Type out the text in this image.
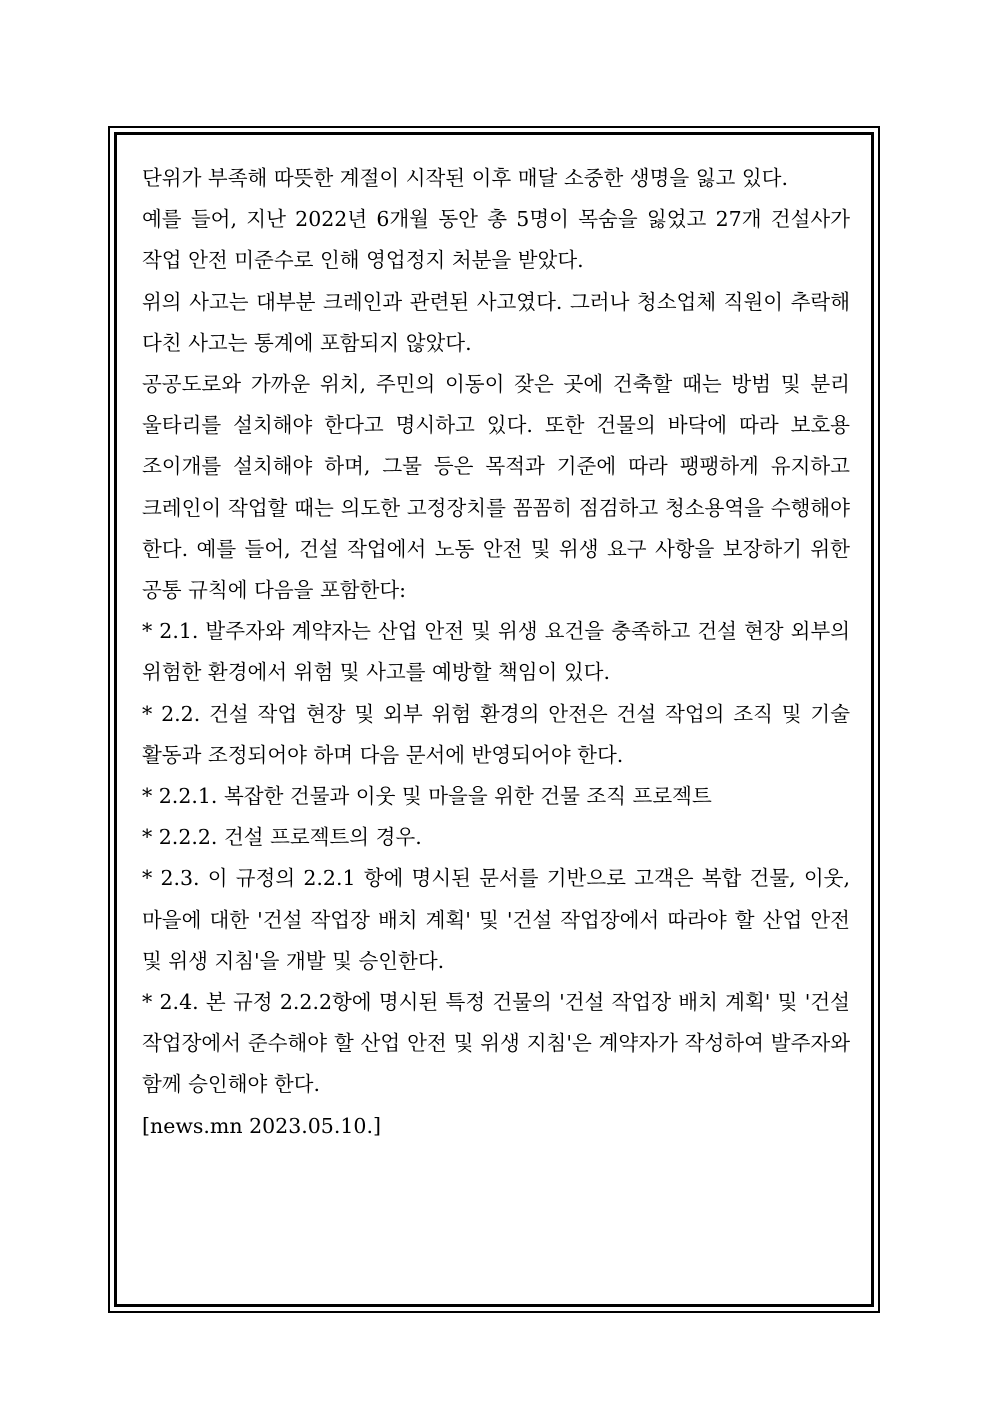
단위가 부족해 따뜻한 계절이 시작된 이후 매달 소중한 생명을 잃고 있다.

예를 들어, 지난 2022년 6개월 동안 총 5명이 목숨을 잃었고 27개 건설사가 작업 안전 미준수로 인해 영업정지 처분을 받았다.

위의 사고는 대부분 크레인과 관련된 사고였다. 그러나 청소업체 직원이 추락해 다친 사고는 통계에 포함되지 않았다.

공공도로와 가까운 위치, 주민의 이동이 잦은 곳에 건축할 때는 방범 및 분리 울타리를 설치해야 한다고 명시하고 있다. 또한 건물의 바닥에 따라 보호용 조이개를 설치해야 하며, 그물 등은 목적과 기준에 따라 팽팽하게 유지하고 크레인이 작업할 때는 의도한 고정장치를 꼼꼼히 점검하고 청소용역을 수행해야 한다. 예를 들어, 건설 작업에서 노동 안전 및 위생 요구 사항을 보장하기 위한 공통 규칙에 다음을 포함한다:

* 2.1. 발주자와 계약자는 산업 안전 및 위생 요건을 충족하고 건설 현장 외부의 위험한 환경에서 위험 및 사고를 예방할 책임이 있다.

* 2.2. 건설 작업 현장 및 외부 위험 환경의 안전은 건설 작업의 조직 및 기술 활동과 조정되어야 하며 다음 문서에 반영되어야 한다.

* 2.2.1. 복잡한 건물과 이웃 및 마을을 위한 건물 조직 프로젝트

* 2.2.2. 건설 프로젝트의 경우.

* 2.3. 이 규정의 2.2.1 항에 명시된 문서를 기반으로 고객은 복합 건물, 이웃, 마을에 대한 '건설 작업장 배치 계획' 및 '건설 작업장에서 따라야 할 산업 안전 및 위생 지침'을 개발 및 승인한다.

* 2.4. 본 규정 2.2.2항에 명시된 특정 건물의 '건설 작업장 배치 계획' 및 '건설 작업장에서 준수해야 할 산업 안전 및 위생 지침'은 계약자가 작성하여 발주자와 함께 승인해야 한다.

[news.mn 2023.05.10.]
